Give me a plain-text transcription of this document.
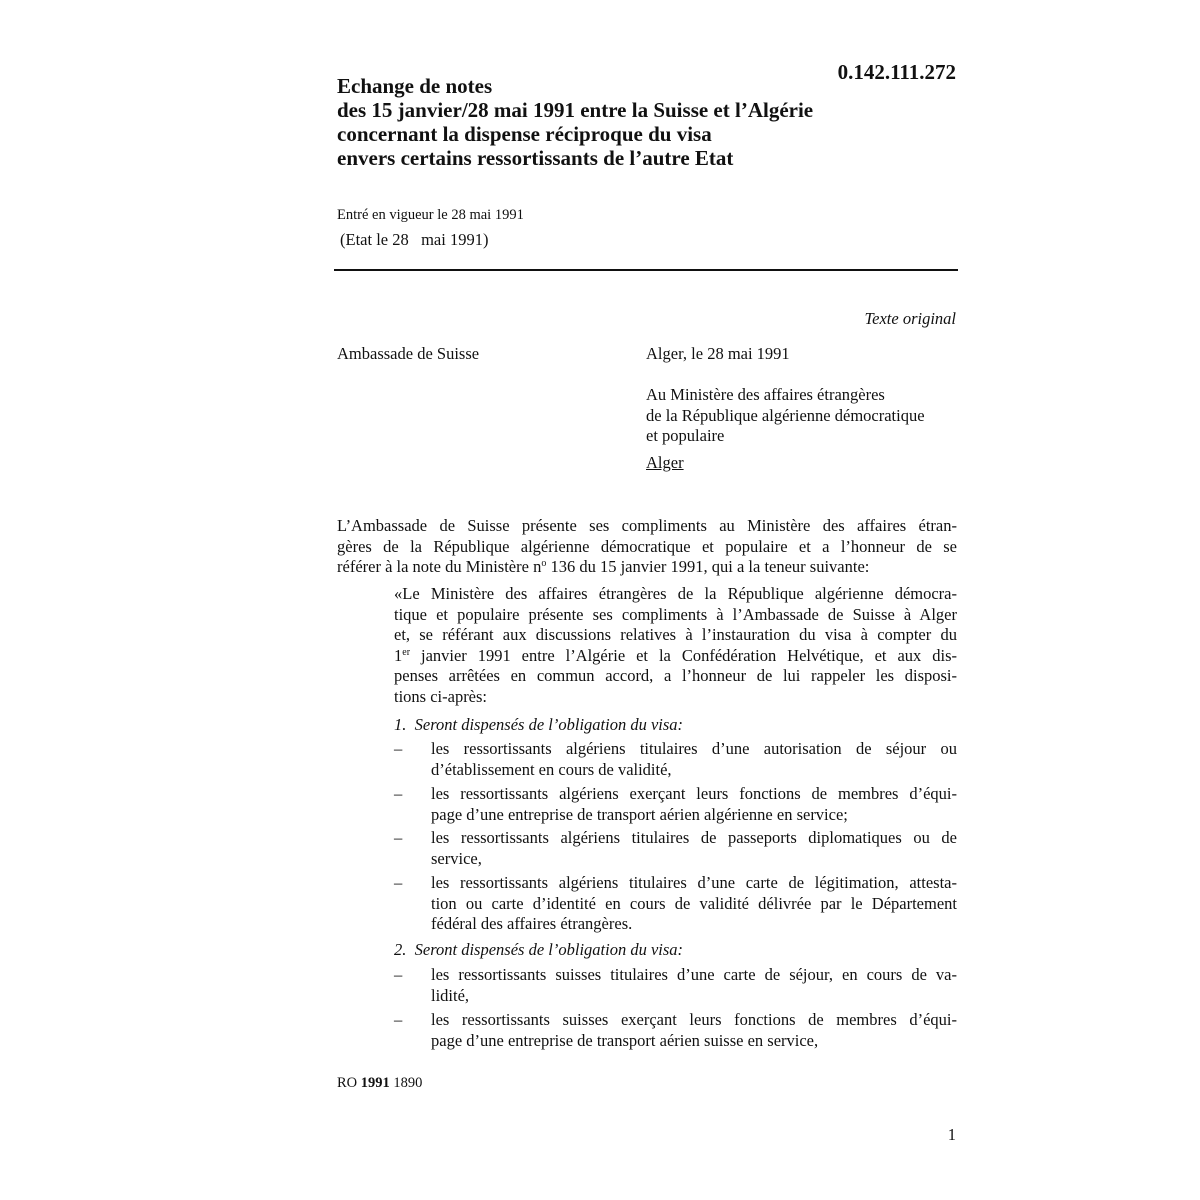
0.142.111.272
Echange de notes
des 15 janvier/28 mai 1991 entre la Suisse et l’Algérie
concernant la dispense réciproque du visa
envers certains ressortissants de l’autre Etat
Entré en vigueur le 28 mai 1991
(Etat le 28   mai 1991)
Texte original
Ambassade de Suisse	Alger, le 28 mai 1991
Au Ministère des affaires étrangères
de la République algérienne démocratique
et populaire
Alger
L’Ambassade de Suisse présente ses compliments au Ministère des affaires étran-
gères de la République algérienne démocratique et populaire et a l’honneur de se
référer à la note du Ministère $n^o$ 136 du 15 janvier 1991, qui a la teneur suivante:
«Le Ministère des affaires étrangères de la République algérienne démocra-
tique et populaire présente ses compliments à l’Ambassade de Suisse à Alger
et, se référant aux discussions relatives à l’instauration du visa à compter du
1er janvier 1991 entre l’Algérie et la Confédération Helvétique, et aux dis-
penses arrêtées en commun accord, a l’honneur de lui rappeler les disposi-
tions ci-après:
1.  Seront dispensés de l’obligation du visa:
– les ressortissants algériens titulaires d’une autorisation de séjour ou
d’établissement en cours de validité,
– les ressortissants algériens exerçant leurs fonctions de membres d’équi-
page d’une entreprise de transport aérien algérienne en service;
– les ressortissants algériens titulaires de passeports diplomatiques ou de
service,
– les ressortissants algériens titulaires d’une carte de légitimation, attesta-
tion ou carte d’identité en cours de validité délivrée par le Département
fédéral des affaires étrangères.
2.  Seront dispensés de l’obligation du visa:
– les ressortissants suisses titulaires d’une carte de séjour, en cours de va-
lidité,
– les ressortissants suisses exerçant leurs fonctions de membres d’équi-
page d’une entreprise de transport aérien suisse en service,
RO 1991 1890
1
